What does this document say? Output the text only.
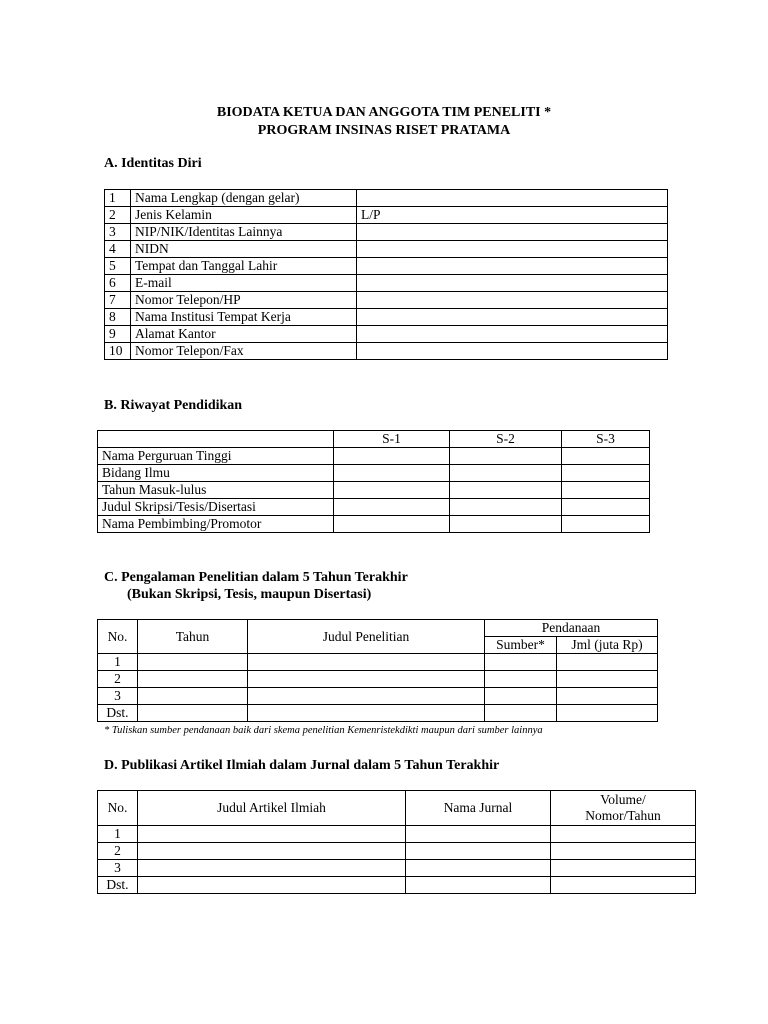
BIODATA KETUA DAN ANGGOTA TIM PENELITI *
PROGRAM INSINAS RISET PRATAMA
A. Identitas Diri
1	Nama Lengkap (dengan gelar)	
2	Jenis Kelamin	L/P
3	NIP/NIK/Identitas Lainnya	
4	NIDN	
5	Tempat dan Tanggal Lahir	
6	E-mail	
7	Nomor Telepon/HP	
8	Nama Institusi Tempat Kerja	
9	Alamat Kantor	
10	Nomor Telepon/Fax	
B. Riwayat Pendidikan
	S-1	S-2	S-3
Nama Perguruan Tinggi			
Bidang Ilmu			
Tahun Masuk-lulus			
Judul Skripsi/Tesis/Disertasi			
Nama Pembimbing/Promotor			
C. Pengalaman Penelitian dalam 5 Tahun Terakhir
(Bukan Skripsi, Tesis, maupun Disertasi)
No.	Tahun	Judul Penelitian	Pendanaan	
			Sumber*	Jml (juta Rp)
1				
2				
3				
Dst.				
* Tuliskan sumber pendanaan baik dari skema penelitian Kemenristekdikti maupun dari sumber lainnya
D. Publikasi Artikel Ilmiah dalam Jurnal dalam 5 Tahun Terakhir
No.	Judul Artikel Ilmiah	Nama Jurnal	Volume/
Nomor/Tahun

1			
2			
3			
Dst.			
